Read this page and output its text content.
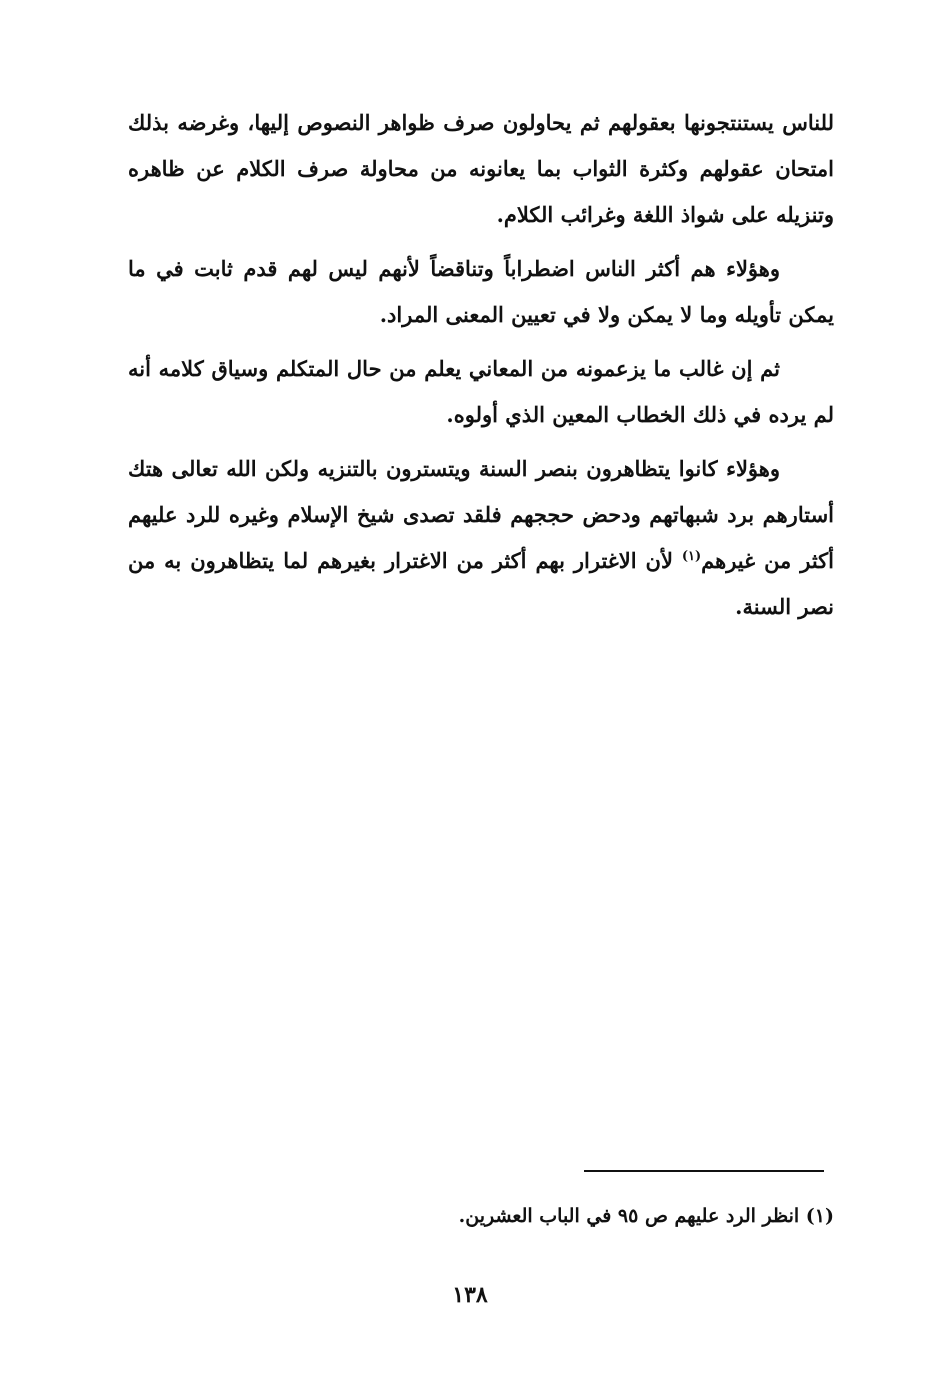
للناس يستنتجونها بعقولهم ثم يحاولون صرف ظواهر النصوص إليها، وغرضه بذلك امتحان عقولهم وكثرة الثواب بما يعانونه من محاولة صرف الكلام عن ظاهره وتنزيله على شواذ اللغة وغرائب الكلام.

وهؤلاء هم أكثر الناس اضطراباً وتناقضاً لأنهم ليس لهم قدم ثابت في ما يمكن تأويله وما لا يمكن ولا في تعيين المعنى المراد.

ثم إن غالب ما يزعمونه من المعاني يعلم من حال المتكلم وسياق كلامه أنه لم يرده في ذلك الخطاب المعين الذي أولوه.

وهؤلاء كانوا يتظاهرون بنصر السنة ويتسترون بالتنزيه ولكن الله تعالى هتك أستارهم برد شبهاتهم ودحض حججهم فلقد تصدى شيخ الإسلام وغيره للرد عليهم أكثر من غيرهم$^{(١)}$ لأن الاغترار بهم أكثر من الاغترار بغيرهم لما يتظاهرون به من نصر السنة.

(١) انظر الرد عليهم ص ٩٥ في الباب العشرين.
١٣٨
